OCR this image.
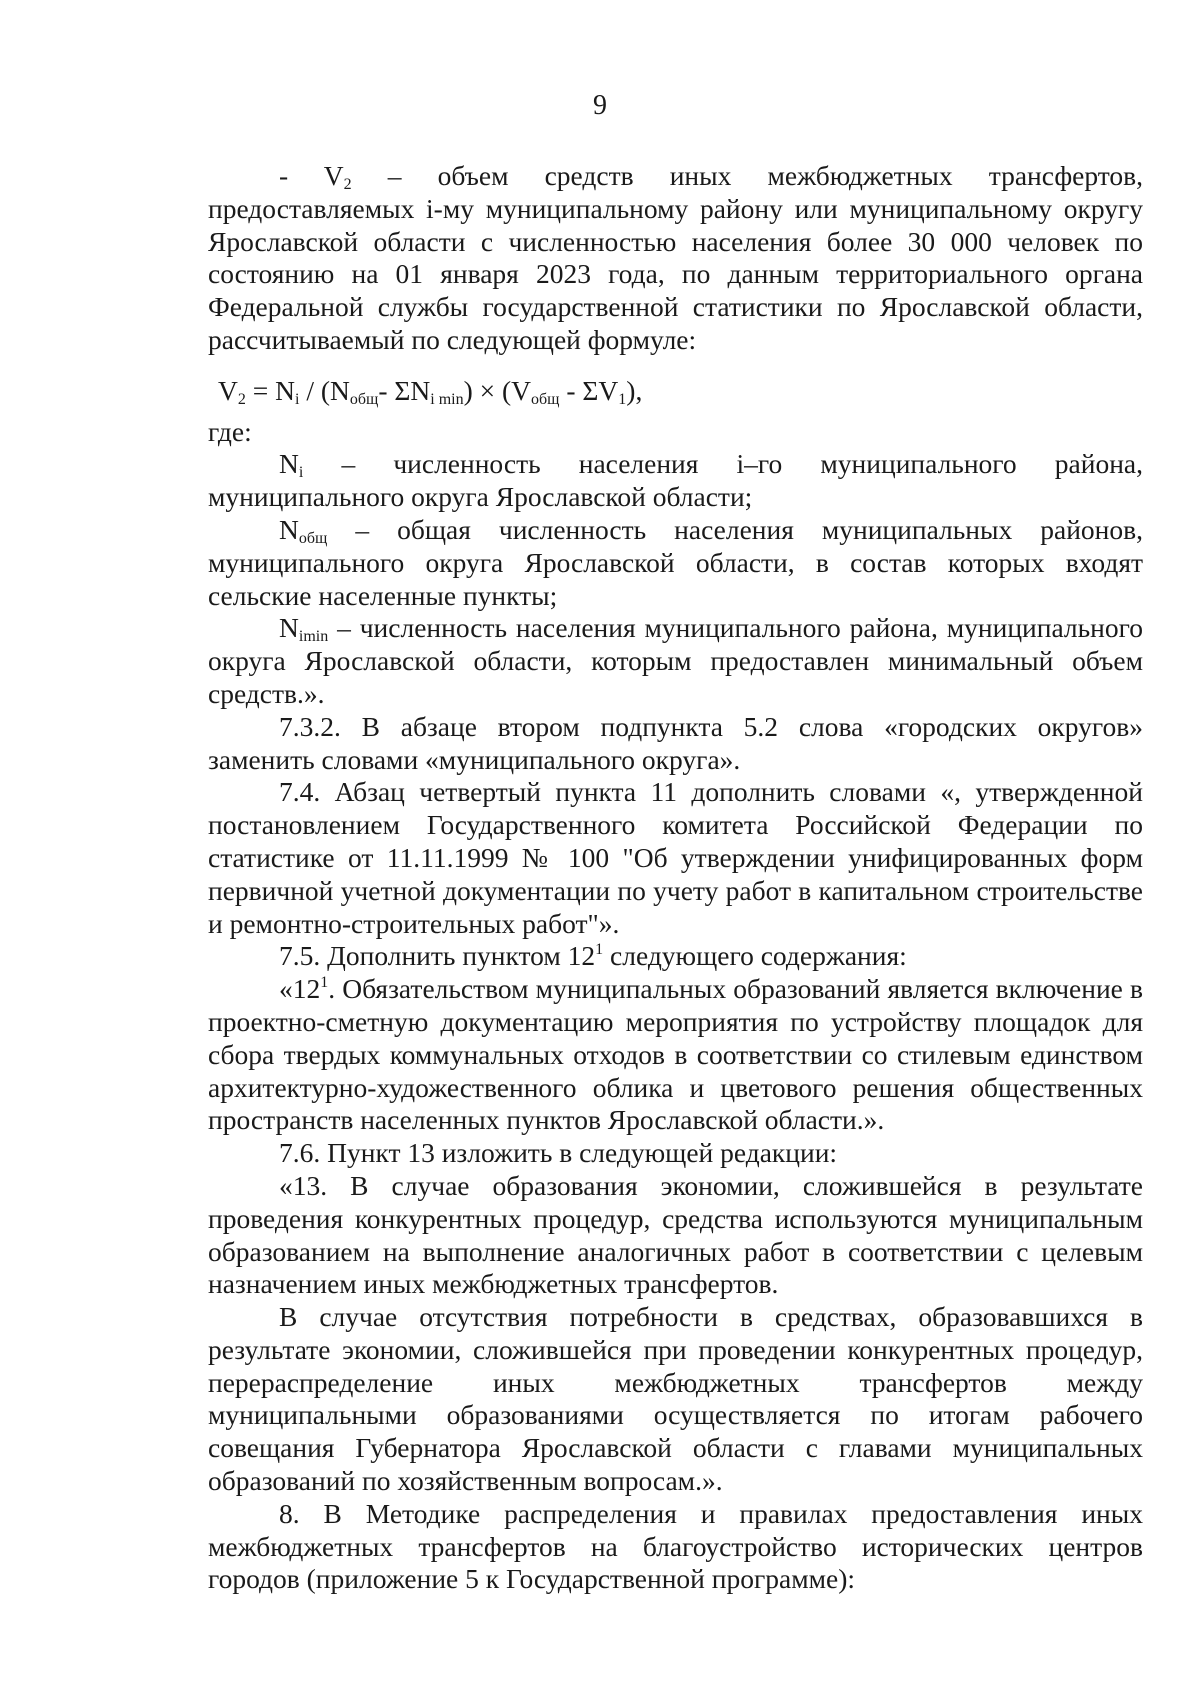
9

- $V_2$ – объем средств иных межбюджетных трансфертов, предоставляемых i-му муниципальному району или муниципальному округу Ярославской области с численностью населения более 30 000 человек по состоянию на 01 января 2023 года, по данным территориального органа Федеральной службы государственной статистики по Ярославской области, рассчитываемый по следующей формуле:

$V_2 = N_i / (N_{общ}-$ $\Sigma N_{i min}) \times (V_{общ} - \Sigma V_1)$,

где:

$N_i$ – численность населения i–го муниципального района, муниципального округа Ярославской области;

$N_{общ}$ – общая численность населения муниципальных районов, муниципального округа Ярославской области, в состав которых входят сельские населенные пункты;

$N_{imin}$ – численность населения муниципального района, муниципального округа Ярославской области, которым предоставлен минимальный объем средств.».

7.3.2. В абзаце втором подпункта 5.2 слова «городских округов» заменить словами «муниципального округа».

7.4. Абзац четвертый пункта 11 дополнить словами «, утвержденной постановлением Государственного комитета Российской Федерации по статистике от 11.11.1999 № 100 "Об утверждении унифицированных форм первичной учетной документации по учету работ в капитальном строительстве и ремонтно-строительных работ"».

7.5. Дополнить пунктом $12^1$ следующего содержания:

«$12^1$. Обязательством муниципальных образований является включение в проектно-сметную документацию мероприятия по устройству площадок для сбора твердых коммунальных отходов в соответствии со стилевым единством архитектурно-художественного облика и цветового решения общественных пространств населенных пунктов Ярославской области.».

7.6. Пункт 13 изложить в следующей редакции:

«13. В случае образования экономии, сложившейся в результате проведения конкурентных процедур, средства используются муниципальным образованием на выполнение аналогичных работ в соответствии с целевым назначением иных межбюджетных трансфертов.

В случае отсутствия потребности в средствах, образовавшихся в результате экономии, сложившейся при проведении конкурентных процедур, перераспределение иных межбюджетных трансфертов между муниципальными образованиями осуществляется по итогам рабочего совещания Губернатора Ярославской области с главами муниципальных образований по хозяйственным вопросам.».

8. В Методике распределения и правилах предоставления иных межбюджетных трансфертов на благоустройство исторических центров городов (приложение 5 к Государственной программе):
